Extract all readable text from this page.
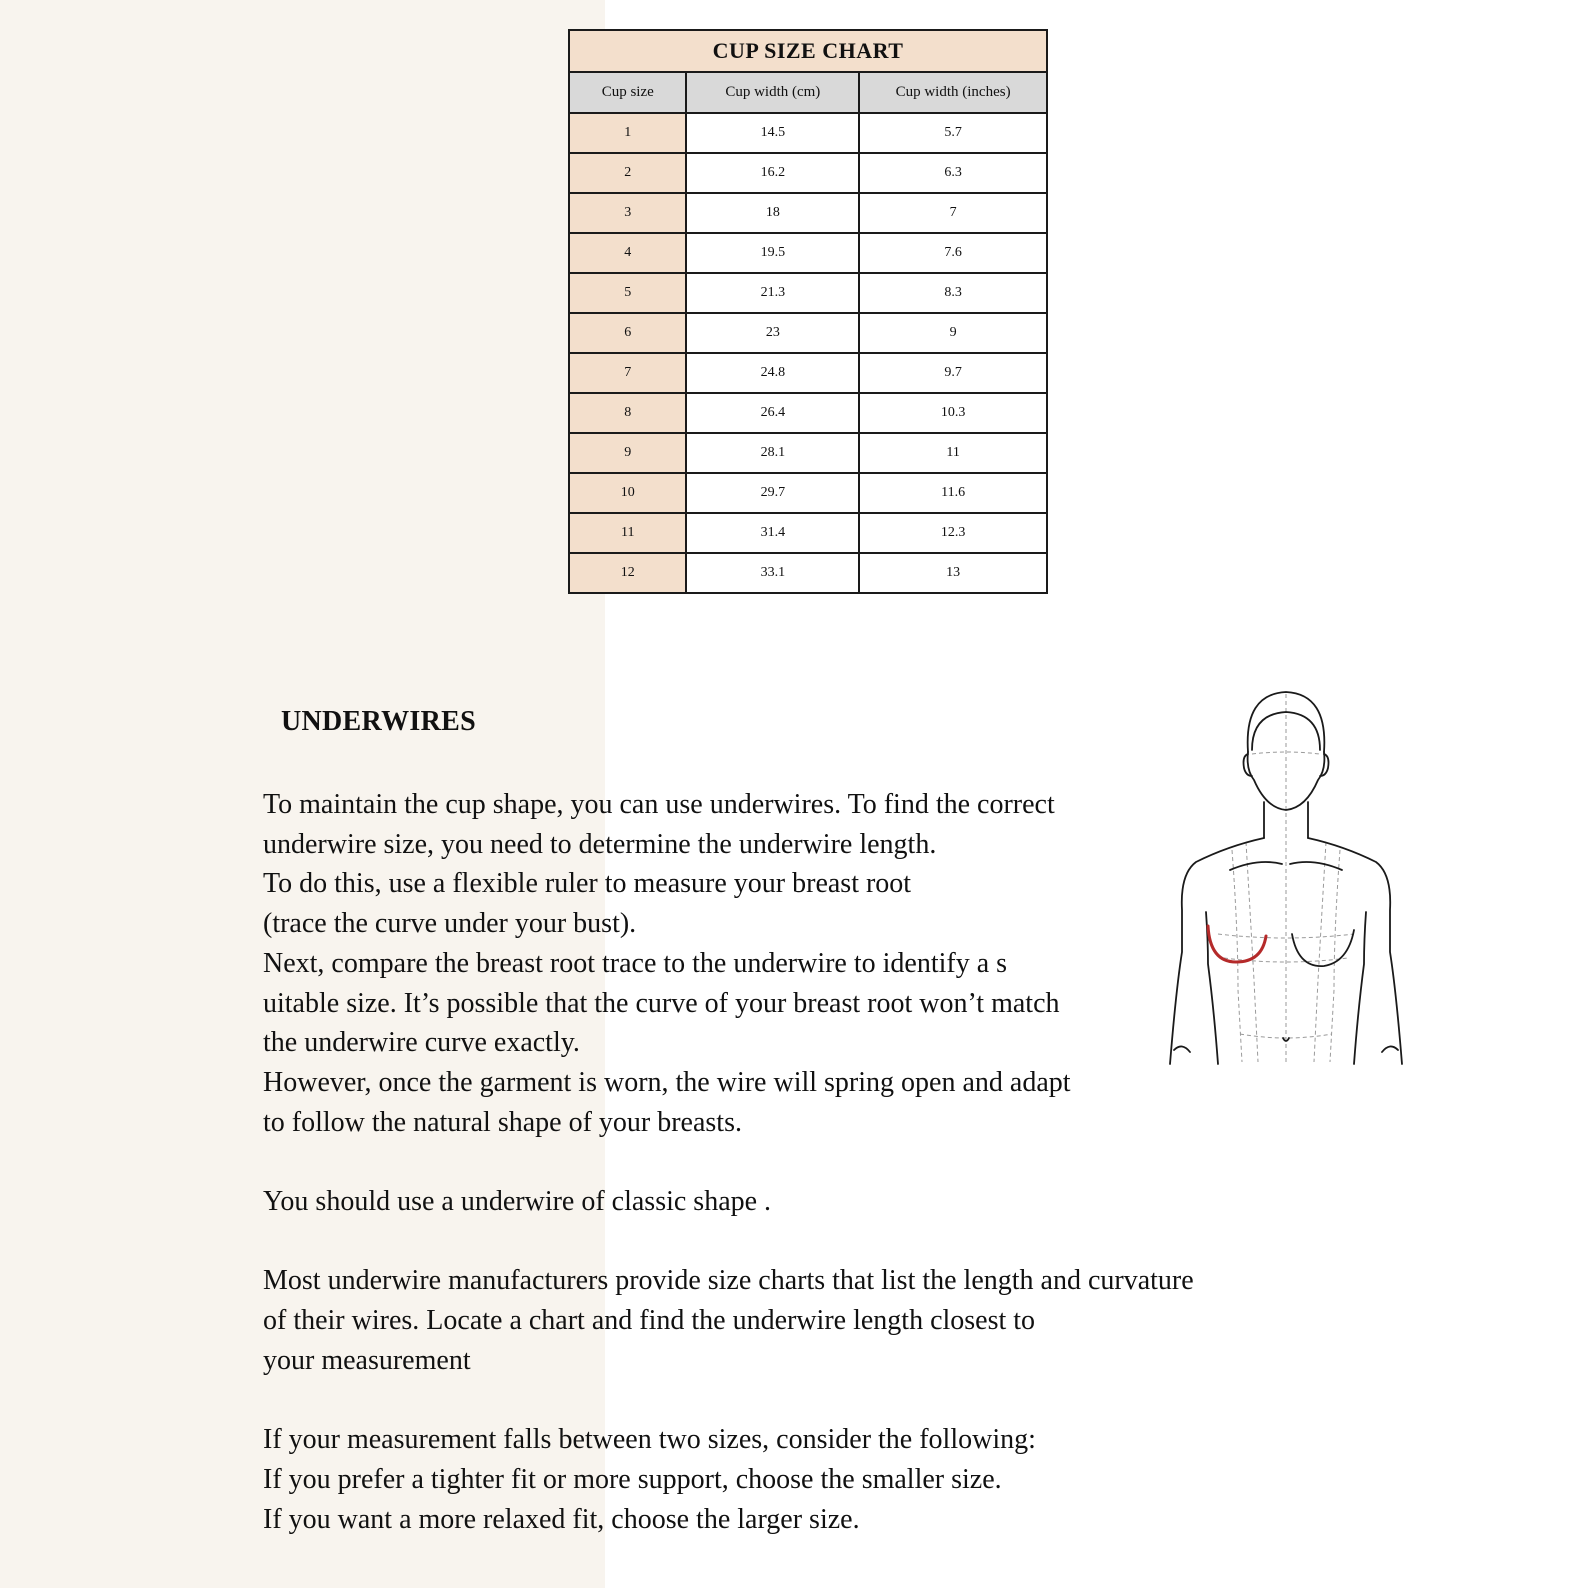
CUP SIZE CHART		
Cup size	Cup width (cm)	Cup width (inches)
1	14.5	5.7
2	16.2	6.3
3	18	7
4	19.5	7.6
5	21.3	8.3
6	23	9
7	24.8	9.7
8	26.4	10.3
9	28.1	11
10	29.7	11.6
11	31.4	12.3
12	33.1	13
UNDERWIRES

To maintain the cup shape, you can use underwires. To find the correct

underwire size, you need to determine the underwire length.

To do this, use a flexible ruler to measure your breast root

(trace the curve under your bust).

Next, compare the breast root trace to the underwire to identify a s

uitable size. It’s possible that the curve of your breast root won’t match

the underwire curve exactly.

However, once the garment is worn, the wire will spring open and adapt

to follow the natural shape of your breasts.

You should use a underwire of classic shape .

Most underwire manufacturers provide size charts that list the length and curvature

of their wires. Locate a chart and find the underwire length closest to

your measurement

If your measurement falls between two sizes, consider the following:

If you prefer a tighter fit or more support, choose the smaller size.

If you want a more relaxed fit, choose the larger size.
